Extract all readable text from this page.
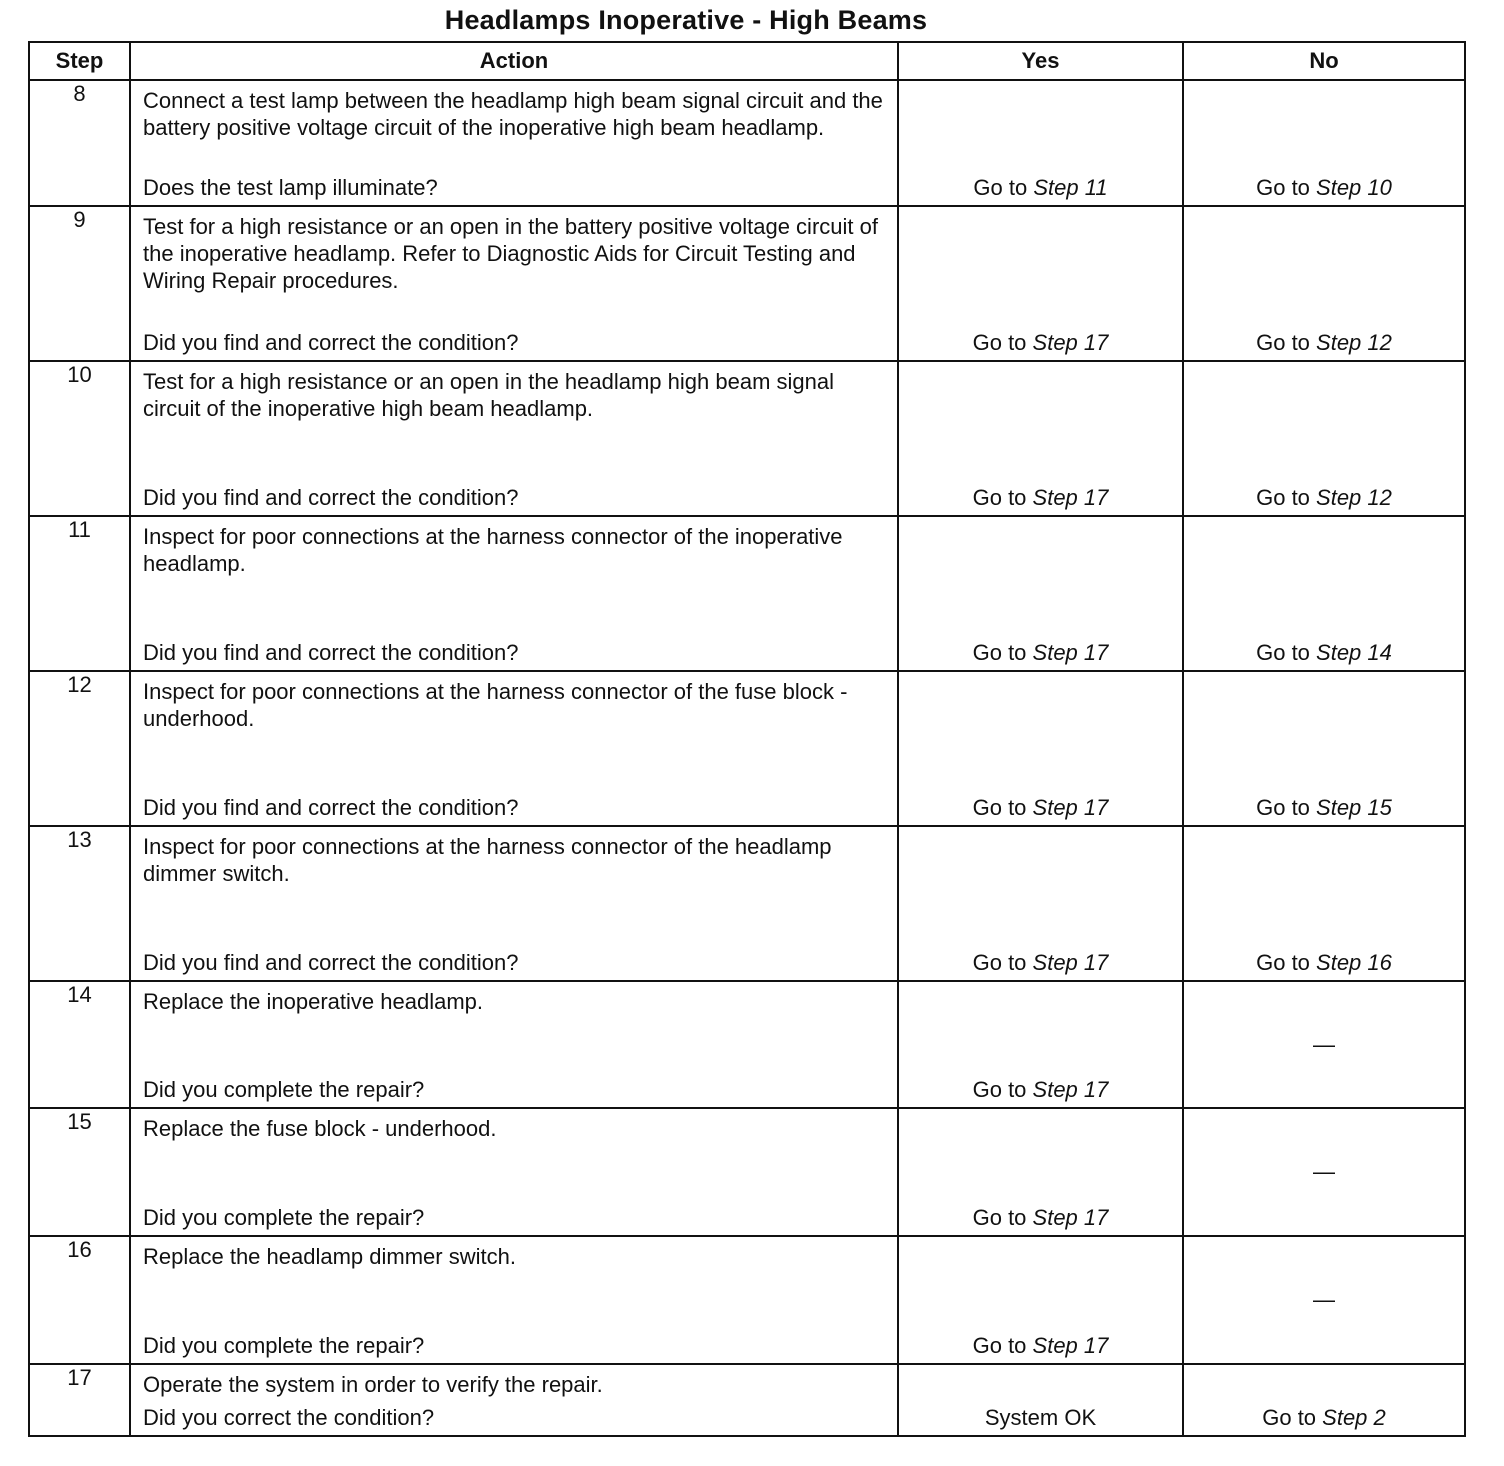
Headlamps Inoperative - High Beams
Step	Action	Yes	No
8	Connect a test lamp between the headlamp high beam signal circuit and the battery positive voltage circuit of the inoperative high beam headlamp.
Does the test lamp illuminate?	Go to Step 11	Go to Step 10

9	Test for a high resistance or an open in the battery positive voltage circuit of the inoperative headlamp. Refer to Diagnostic Aids for Circuit Testing and Wiring Repair procedures.
Did you find and correct the condition?	Go to Step 17	Go to Step 12

10	Test for a high resistance or an open in the headlamp high beam signal circuit of the inoperative high beam headlamp.
Did you find and correct the condition?	Go to Step 17	Go to Step 12

11	Inspect for poor connections at the harness connector of the inoperative headlamp.
Did you find and correct the condition?	Go to Step 17	Go to Step 14

12	Inspect for poor connections at the harness connector of the fuse block - underhood.
Did you find and correct the condition?	Go to Step 17	Go to Step 15

13	Inspect for poor connections at the harness connector of the headlamp dimmer switch.
Did you find and correct the condition?	Go to Step 17	Go to Step 16

14	Replace the inoperative headlamp.
Did you complete the repair?	Go to Step 17	—

15	Replace the fuse block - underhood.
Did you complete the repair?	Go to Step 17	—

16	Replace the headlamp dimmer switch.
Did you complete the repair?	Go to Step 17	—

17	Operate the system in order to verify the repair.
Did you correct the condition?	System OK	Go to Step 2
